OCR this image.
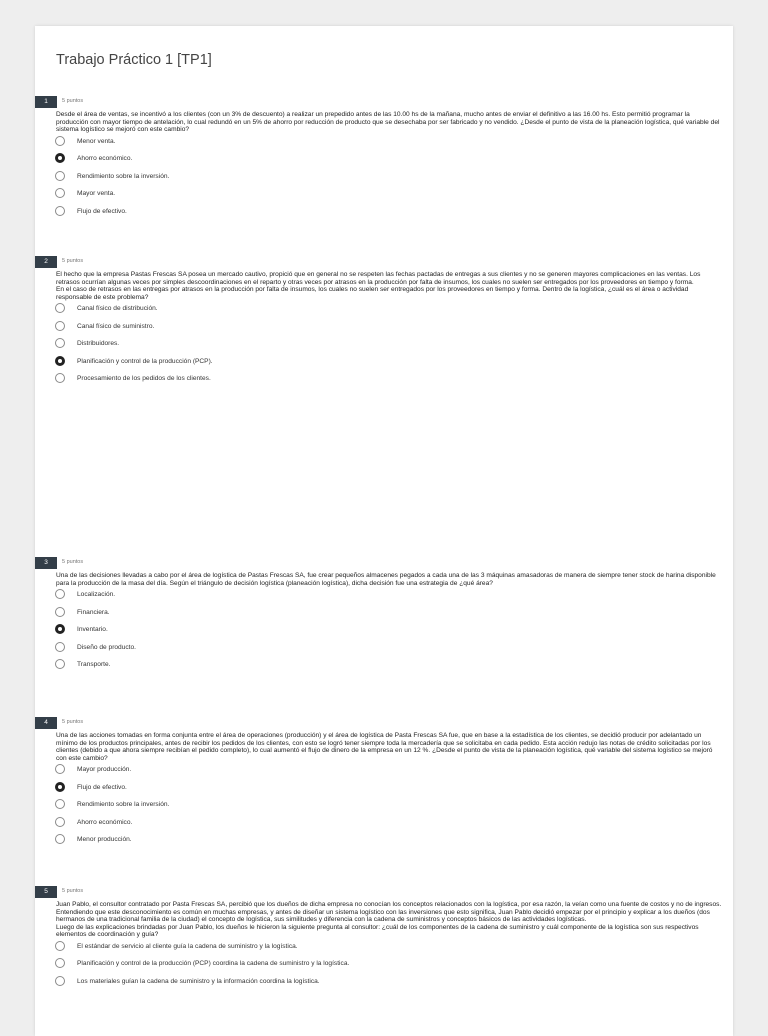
Trabajo Práctico 1 [TP1]
1	5 puntos
Desde el área de ventas, se incentivó a los clientes (con un 3% de descuento) a realizar un prepedido antes de las 10.00 hs de la mañana, mucho antes de enviar el definitivo a las 16.00 hs. Esto permitió programar la producción con mayor tiempo de antelación, lo cual redundó en un 5% de ahorro por reducción de producto que se desechaba por ser fabricado y no vendido. ¿Desde el punto de vista de la planeación logística, qué variable del sistema logístico se mejoró con este cambio?
Menor venta.
Ahorro económico.
Rendimiento sobre la inversión.
Mayor venta.
Flujo de efectivo.
2	5 puntos
El hecho que la empresa Pastas Frescas SA posea un mercado cautivo, propició que en general no se respeten las fechas pactadas de entregas a sus clientes y no se generen mayores complicaciones en las ventas. Los retrasos ocurrían algunas veces por simples descoordinaciones en el reparto y otras veces por atrasos en la producción por falta de insumos, los cuales no suelen ser entregados por los proveedores en tiempo y forma.
En el caso de retrasos en las entregas por atrasos en la producción por falta de insumos, los cuales no suelen ser entregados por los proveedores en tiempo y forma. Dentro de la logística, ¿cuál es el área o actividad responsable de este problema?
Canal físico de distribución.
Canal físico de suministro.
Distribuidores.
Planificación y control de la producción (PCP).
Procesamiento de los pedidos de los clientes.
3	5 puntos
Una de las decisiones llevadas a cabo por el área de logística de Pastas Frescas SA, fue crear pequeños almacenes pegados a cada una de las 3 máquinas amasadoras de manera de siempre tener stock de harina disponible para la producción de la masa del día. Según el triángulo de decisión logística (planeación logística), dicha decisión fue una estrategia de ¿qué área?
Localización.
Financiera.
Inventario.
Diseño de producto.
Transporte.
4	5 puntos
Una de las acciones tomadas en forma conjunta entre el área de operaciones (producción) y el área de logística de Pasta Frescas SA fue, que en base a la estadística de los clientes, se decidió producir por adelantado un mínimo de los productos principales, antes de recibir los pedidos de los clientes, con esto se logró tener siempre toda la mercadería que se solicitaba en cada pedido. Esta acción redujo las notas de crédito solicitadas por los clientes (debido a que ahora siempre recibían el pedido completo), lo cual aumentó el flujo de dinero de la empresa en un 12 %. ¿Desde el punto de vista de la planeación logística, qué variable del sistema logístico se mejoró con este cambio?
Mayor producción.
Flujo de efectivo.
Rendimiento sobre la inversión.
Ahorro económico.
Menor producción.
5	5 puntos
Juan Pablo, el consultor contratado por Pasta Frescas SA, percibió que los dueños de dicha empresa no conocían los conceptos relacionados con la logística, por esa razón, la veían como una fuente de costos y no de ingresos. Entendiendo que este desconocimiento es común en muchas empresas, y antes de diseñar un sistema logístico con las inversiones que esto significa, Juan Pablo decidió empezar por el principio y explicar a los dueños (dos hermanos de una tradicional familia de la ciudad) el concepto de logística, sus similitudes y diferencia con la cadena de suministros y conceptos básicos de las actividades logísticas.
Luego de las explicaciones brindadas por Juan Pablo, los dueños le hicieron la siguiente pregunta al consultor: ¿cuál de los componentes de la cadena de suministro y cuál componente de la logística son sus respectivos elementos de coordinación y guía?
El estándar de servicio al cliente guía la cadena de suministro y la logística.
Planificación y control de la producción (PCP) coordina la cadena de suministro y la logística.
Los materiales guían la cadena de suministro y la información coordina la logística.
